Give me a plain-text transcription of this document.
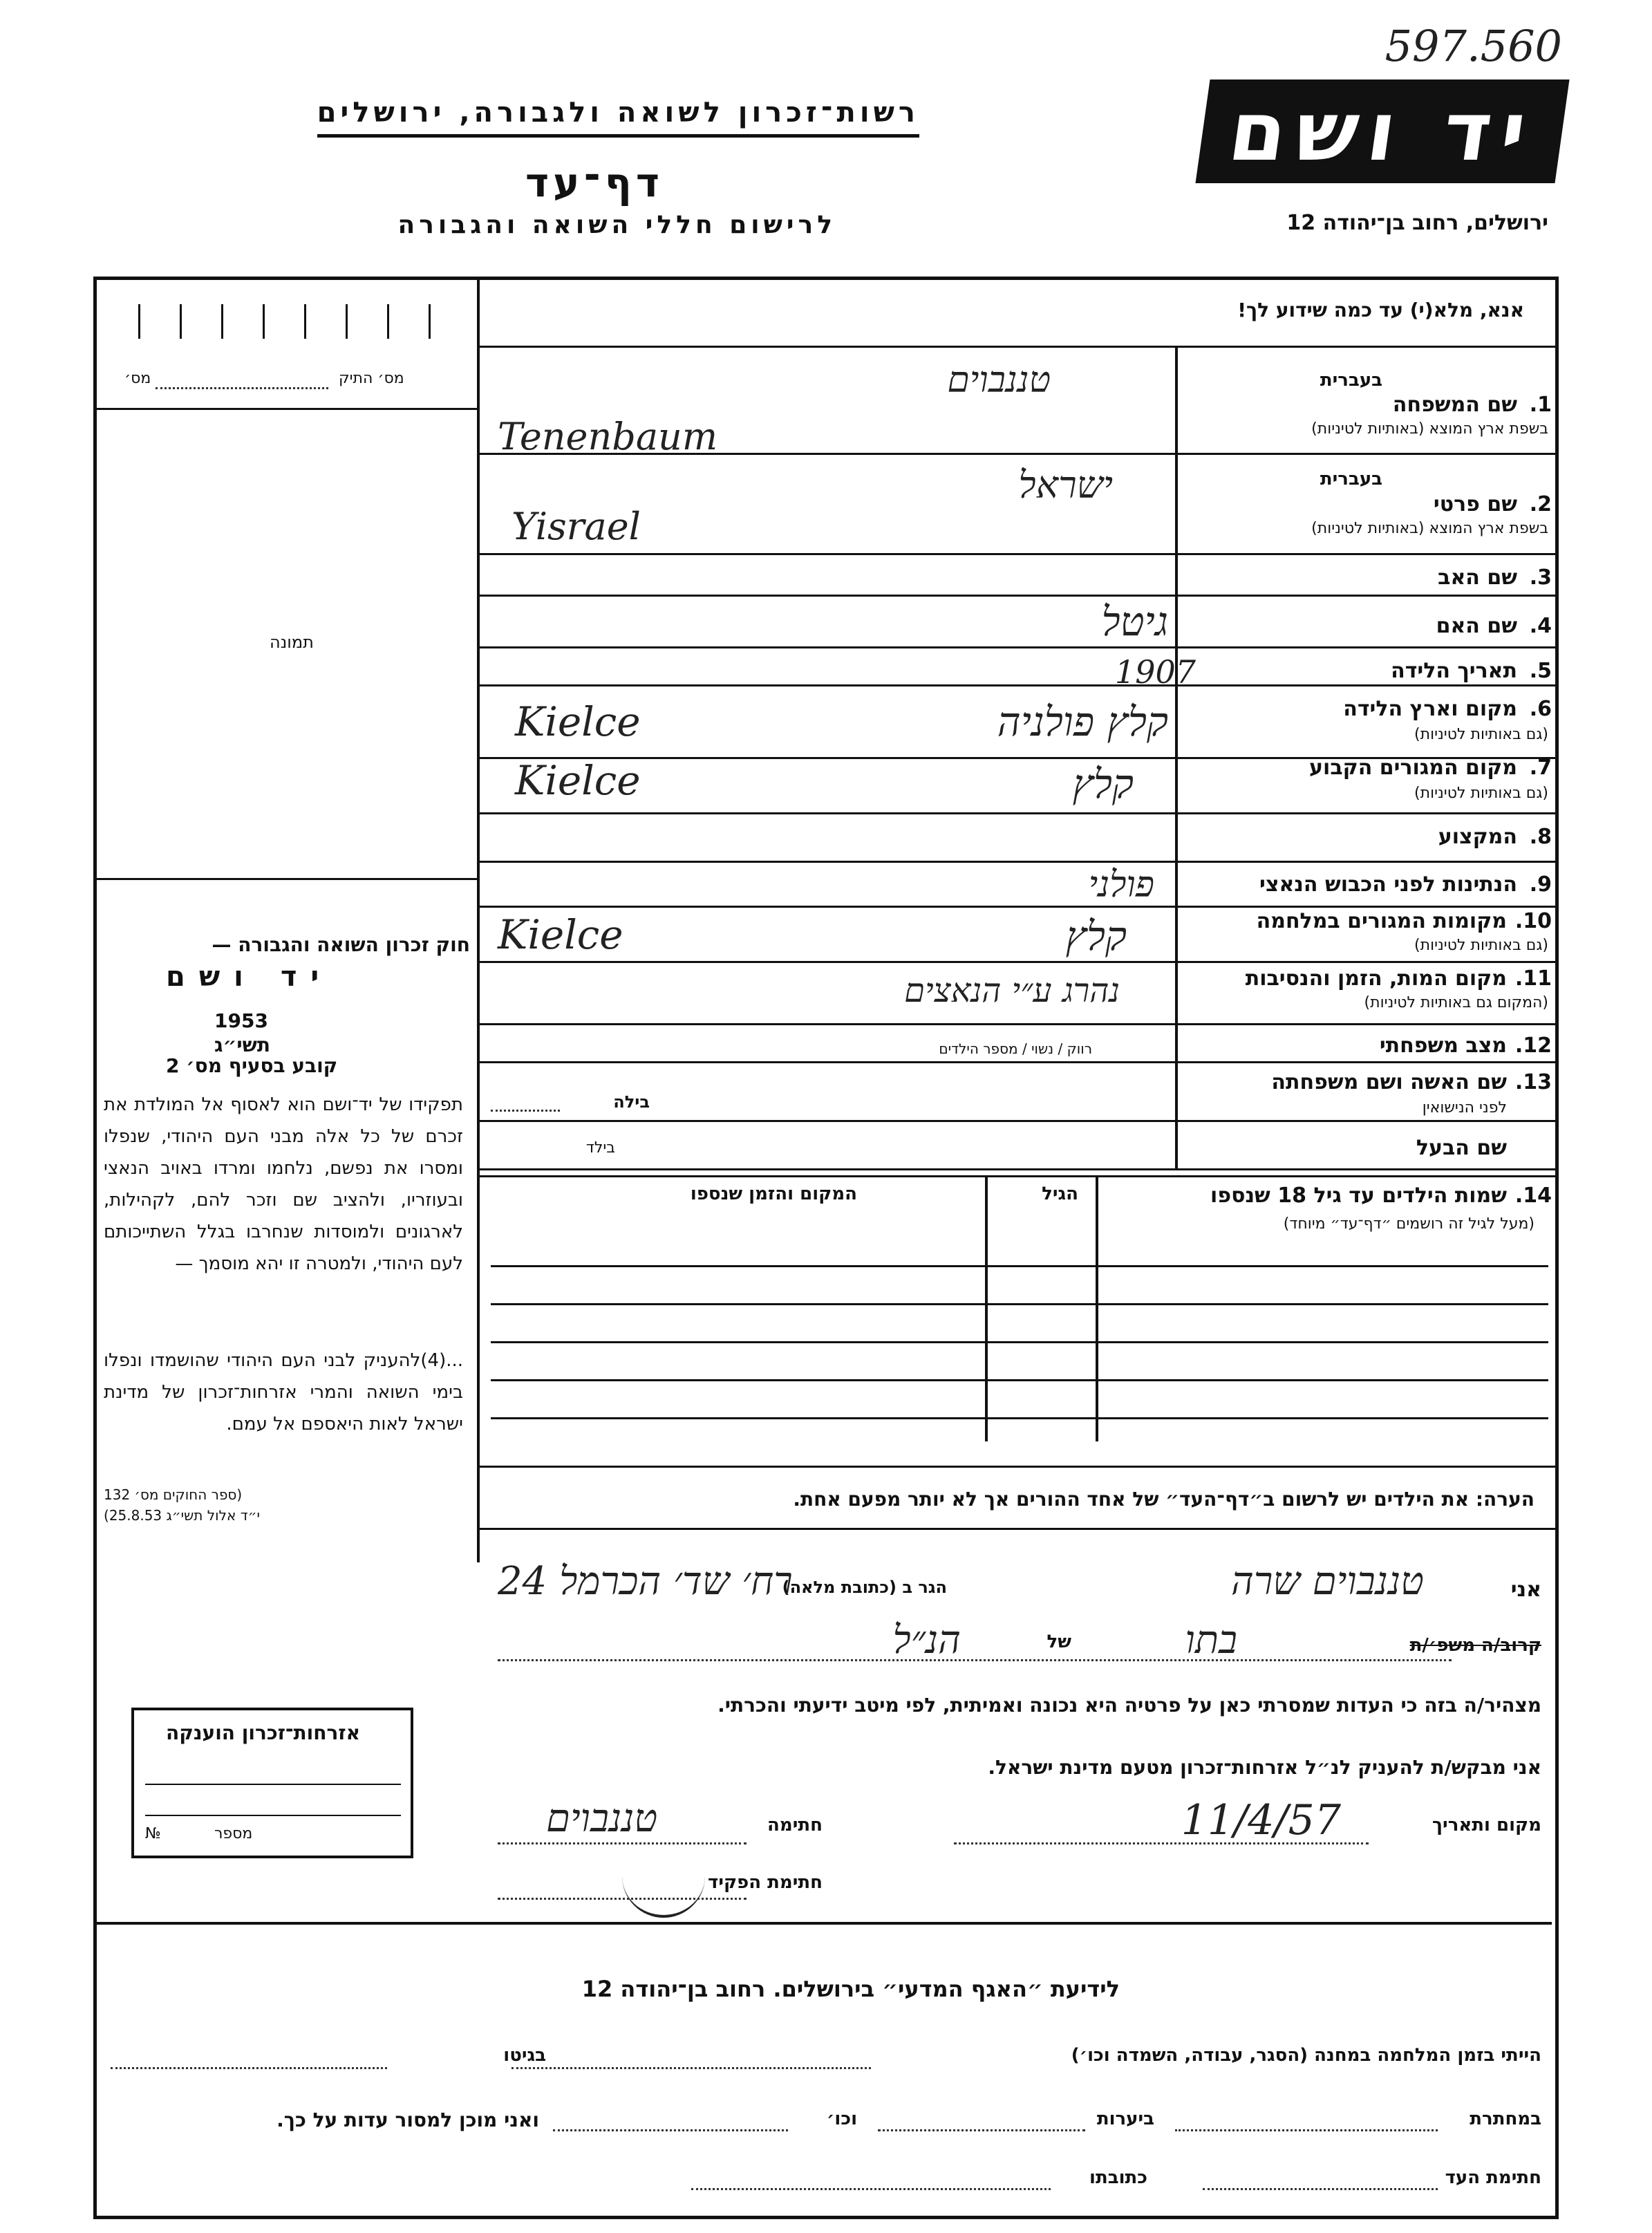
597.560
יד ושם
רשות־זכרון לשואה ולגבורה, ירושלים
דף־עד
לרישום חללי השואה והגבורה	ירושלים, רחוב בן־יהודה 12
אנא, מלא(י) עד כמה שידוע לך!
מס׳ התיק
מס׳
תמונה
חוק זכרון השואה והגבורה —
יד ושם
1953
תשי״ג
קובע בסעיף מס׳ 2
תפקידו של יד־ושם הוא לאסוף אל המולדת את זכרם של כל אלה מבני העם היהודי, שנפלו ומסרו את נפשם, נלחמו ומרדו באויב הנאצי ובעוזריו, ולהציב שם וזכר להם, לקהילות, לארגונים ולמוסדות שנחרבו בגלל השתייכותם לעם היהודי, ולמטרה זו יהא מוסמך —
...(4)להעניק לבני העם היהודי שהושמדו ונפלו בימי השואה והמרי אזרחות־זכרון של מדינת ישראל לאות היאספם אל עמם.
(ספר החוקים מס׳ 132
י״ד אלול תשי״ג 25.8.53)
1.
בעברית
שם המשפחה
בשפת ארץ המוצא (באותיות לטיניות)
טננבוים
Tenenbaum
2.
בעברית
שם פרטי
בשפת ארץ המוצא (באותיות לטיניות)
ישראל
Yisrael
3.
שם האב
4.
שם האם
גיטל
5.
תאריך הלידה
1907
6.
מקום וארץ הלידה
(גם באותיות לטיניות)
קלץ פולניה
Kielce
7.
מקום המגורים הקבוע
(גם באותיות לטיניות)
קלץ
Kielce
8.
המקצוע
9.
הנתינות לפני הכבוש הנאצי
פולני
10.
מקומות המגורים במלחמה
(גם באותיות לטיניות)
קלץ
Kielce
11.
מקום המות, הזמן והנסיבות
(המקום גם באותיות לטיניות)
נהרג ע״י הנאצים
12.
מצב משפחתי
רווק / נשוי / מספר הילדים
13.
שם האשה ושם משפחתה
לפני הנישואין
בילה
שם הבעל
בילד
14.
שמות הילדים עד גיל 18 שנספו
(מעל לגיל זה רושמים ״דף־עד״ מיוחד)
הגיל
המקום והזמן שנספו
הערה: את הילדים יש לרשום ב״דף־העד״ של אחד ההורים אך לא יותר מפעם אחת.
אני
טננבוים שרה
הגר ב (כתובת מלאה)
רח׳ שד׳ הכרמל 24
קרוב/ה משפ׳/ת
בתו
של
הנ״ל
מצהיר/ה בזה כי העדות שמסרתי כאן על פרטיה היא נכונה ואמיתית, לפי מיטב ידיעתי והכרתי.
אני מבקש/ת להעניק לנ״ל אזרחות־זכרון מטעם מדינת ישראל.
מקום ותאריך
11/4/57
חתימה
טננבוים
חתימת הפקיד
אזרחות־זכרון הוענקה
מספר
№
לידיעת ״האגף המדעי״ בירושלים. רחוב בן־יהודה 12
הייתי בזמן המלחמה במחנה (הסגר, עבודה, השמדה וכו׳)
בגיטו
במחתרת
ביערות
וכו׳
ואני מוכן למסור עדות על כך.
חתימת העד
כתובתו
